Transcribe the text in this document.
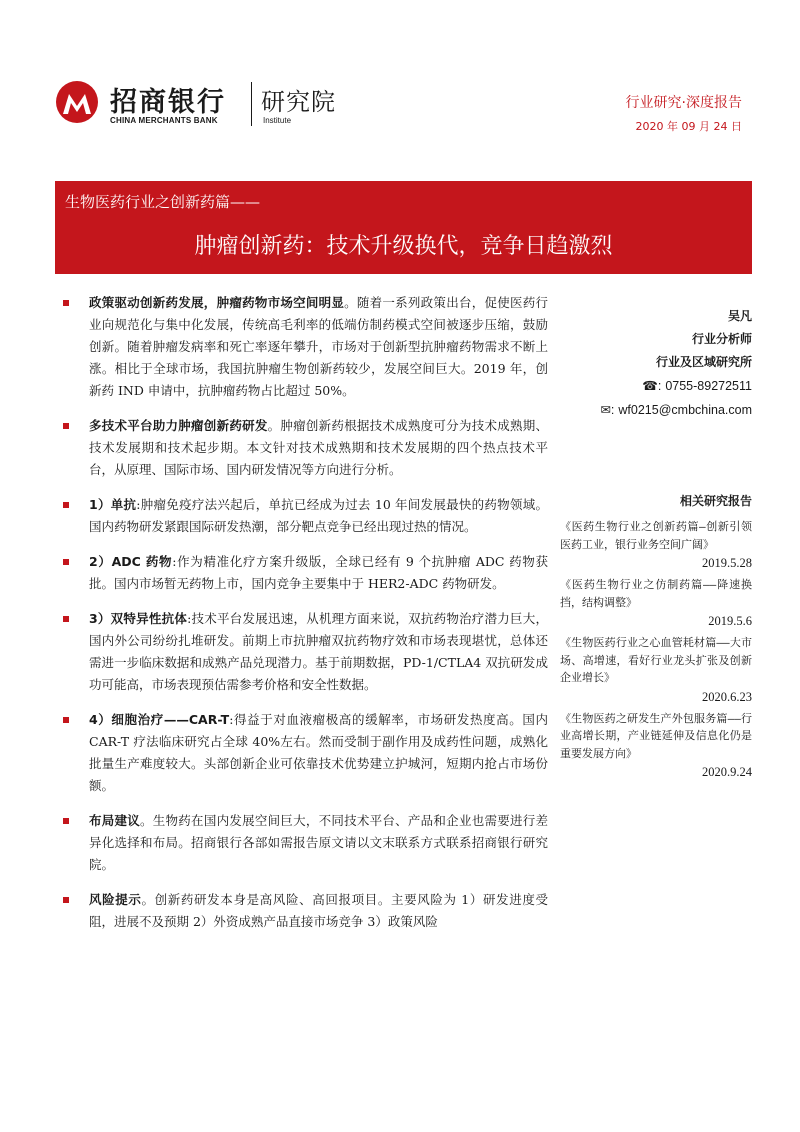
招商银行
CHINA MERCHANTS BANK
研究院
Institute
行业研究·深度报告
2020 年 09 月 24 日
生物医药行业之创新药篇——
肿瘤创新药：技术升级换代，竞争日趋激烈
政策驱动创新药发展，肿瘤药物市场空间明显。随着一系列政策出台，促使医药行业向规范化与集中化发展，传统高毛利率的低端仿制药模式空间被逐步压缩，鼓励创新。随着肿瘤发病率和死亡率逐年攀升，市场对于创新型抗肿瘤药物需求不断上涨。相比于全球市场，我国抗肿瘤生物创新药较少，发展空间巨大。2019 年，创新药 IND 申请中，抗肿瘤药物占比超过 50%。
多技术平台助力肿瘤创新药研发。肿瘤创新药根据技术成熟度可分为技术成熟期、技术发展期和技术起步期。本文针对技术成熟期和技术发展期的四个热点技术平台，从原理、国际市场、国内研发情况等方向进行分析。
1）单抗:肿瘤免疫疗法兴起后，单抗已经成为过去 10 年间发展最快的药物领域。国内药物研发紧跟国际研发热潮，部分靶点竞争已经出现过热的情况。
2）ADC 药物:作为精准化疗方案升级版，全球已经有 9 个抗肿瘤 ADC 药物获批。国内市场暂无药物上市，国内竞争主要集中于 HER2-ADC 药物研发。
3）双特异性抗体:技术平台发展迅速，从机理方面来说，双抗药物治疗潜力巨大，国内外公司纷纷扎堆研发。前期上市抗肿瘤双抗药物疗效和市场表现堪忧，总体还需进一步临床数据和成熟产品兑现潜力。基于前期数据，PD-1/CTLA4 双抗研发成功可能高，市场表现预估需参考价格和安全性数据。
4）细胞治疗——CAR-T:得益于对血液瘤极高的缓解率，市场研发热度高。国内 CAR-T 疗法临床研究占全球 40%左右。然而受制于副作用及成药性问题，成熟化批量生产难度较大。头部创新企业可依靠技术优势建立护城河，短期内抢占市场份额。
布局建议。生物药在国内发展空间巨大，不同技术平台、产品和企业也需要进行差异化选择和布局。招商银行各部如需报告原文请以文末联系方式联系招商银行研究院。
风险提示。创新药研发本身是高风险、高回报项目。主要风险为 1）研发进度受阻，进展不及预期 2）外资成熟产品直接市场竞争 3）政策风险
吴凡
行业分析师
行业及区域研究所
☎: 0755-89272511
✉: wf0215@cmbchina.com
相关研究报告
《医药生物行业之创新药篇—创新引领医药工业，银行业务空间广阔》
2019.5.28
《医药生物行业之仿制药篇——降速换挡，结构调整》
2019.5.6
《生物医药行业之心血管耗材篇——大市场、高增速，看好行业龙头扩张及创新企业增长》
2020.6.23
《生物医药之研发生产外包服务篇——行业高增长期，产业链延伸及信息化仍是重要发展方向》
2020.9.24
